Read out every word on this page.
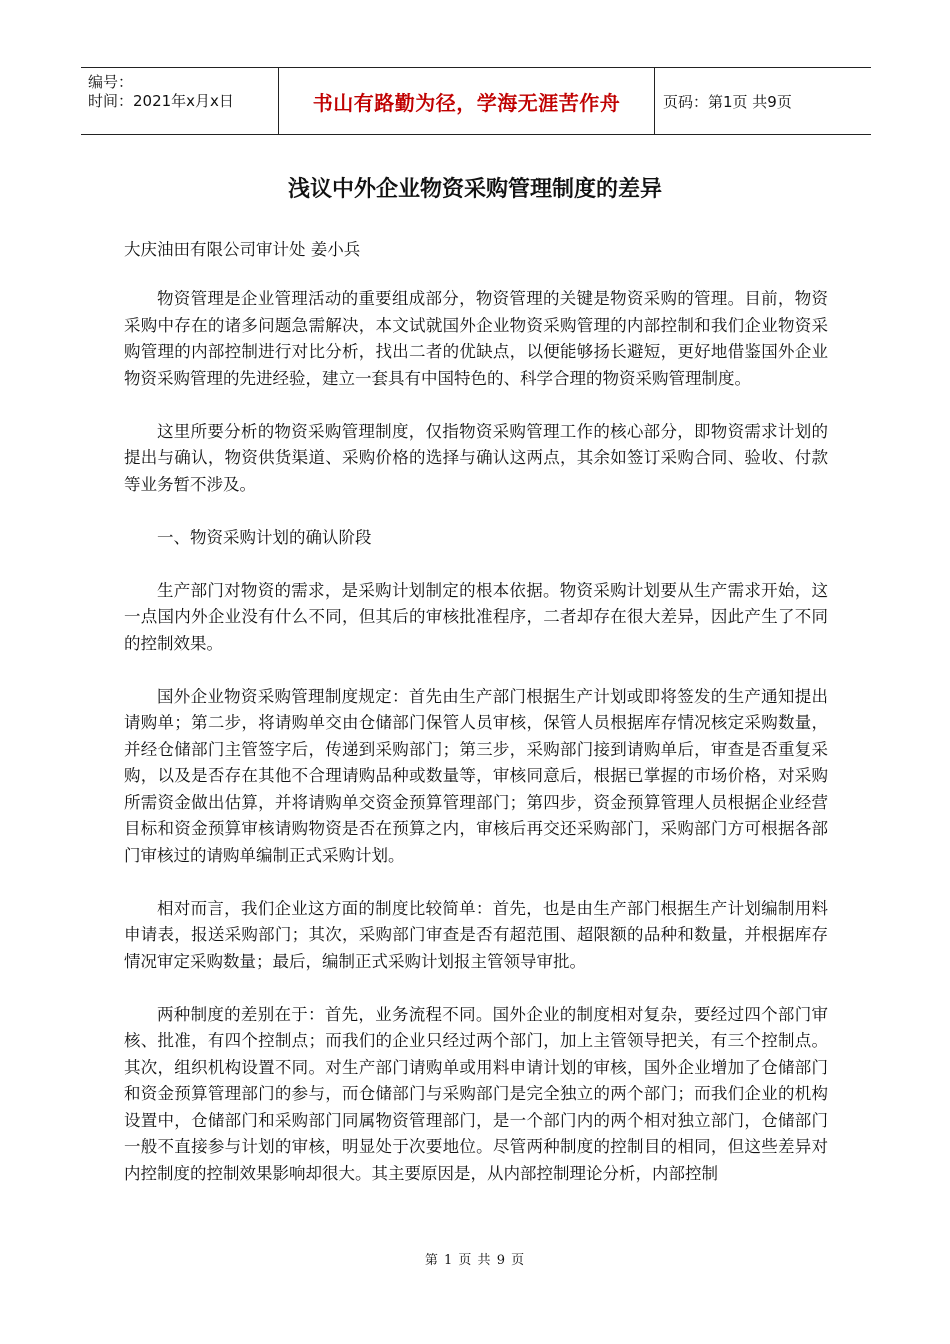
编号：
时间：2021年x月x日	书山有路勤为径，学海无涯苦作舟	页码：第1页 共9页
浅议中外企业物资采购管理制度的差异
大庆油田有限公司审计处 姜小兵

物资管理是企业管理活动的重要组成部分，物资管理的关键是物资采购的管理。目前，物资采购中存在的诸多问题急需解决，本文试就国外企业物资采购管理的内部控制和我们企业物资采购管理的内部控制进行对比分析，找出二者的优缺点，以便能够扬长避短，更好地借鉴国外企业物资采购管理的先进经验，建立一套具有中国特色的、科学合理的物资采购管理制度。

这里所要分析的物资采购管理制度，仅指物资采购管理工作的核心部分，即物资需求计划的提出与确认，物资供货渠道、采购价格的选择与确认这两点，其余如签订采购合同、验收、付款等业务暂不涉及。

一、物资采购计划的确认阶段

生产部门对物资的需求，是采购计划制定的根本依据。物资采购计划要从生产需求开始，这一点国内外企业没有什么不同，但其后的审核批准程序，二者却存在很大差异，因此产生了不同的控制效果。

国外企业物资采购管理制度规定：首先由生产部门根据生产计划或即将签发的生产通知提出请购单；第二步，将请购单交由仓储部门保管人员审核，保管人员根据库存情况核定采购数量，并经仓储部门主管签字后，传递到采购部门；第三步，采购部门接到请购单后，审查是否重复采购，以及是否存在其他不合理请购品种或数量等，审核同意后，根据已掌握的市场价格，对采购所需资金做出估算，并将请购单交资金预算管理部门；第四步，资金预算管理人员根据企业经营目标和资金预算审核请购物资是否在预算之内，审核后再交还采购部门，采购部门方可根据各部门审核过的请购单编制正式采购计划。

相对而言，我们企业这方面的制度比较简单：首先，也是由生产部门根据生产计划编制用料申请表，报送采购部门；其次，采购部门审查是否有超范围、超限额的品种和数量，并根据库存情况审定采购数量；最后，编制正式采购计划报主管领导审批。

两种制度的差别在于：首先，业务流程不同。国外企业的制度相对复杂，要经过四个部门审核、批准，有四个控制点；而我们的企业只经过两个部门，加上主管领导把关，有三个控制点。其次，组织机构设置不同。对生产部门请购单或用料申请计划的审核，国外企业增加了仓储部门和资金预算管理部门的参与，而仓储部门与采购部门是完全独立的两个部门；而我们企业的机构设置中，仓储部门和采购部门同属物资管理部门，是一个部门内的两个相对独立部门，仓储部门一般不直接参与计划的审核，明显处于次要地位。尽管两种制度的控制目的相同，但这些差异对内控制度的控制效果影响却很大。其主要原因是，从内部控制理论分析，内部控制

第 1 页 共 9 页
